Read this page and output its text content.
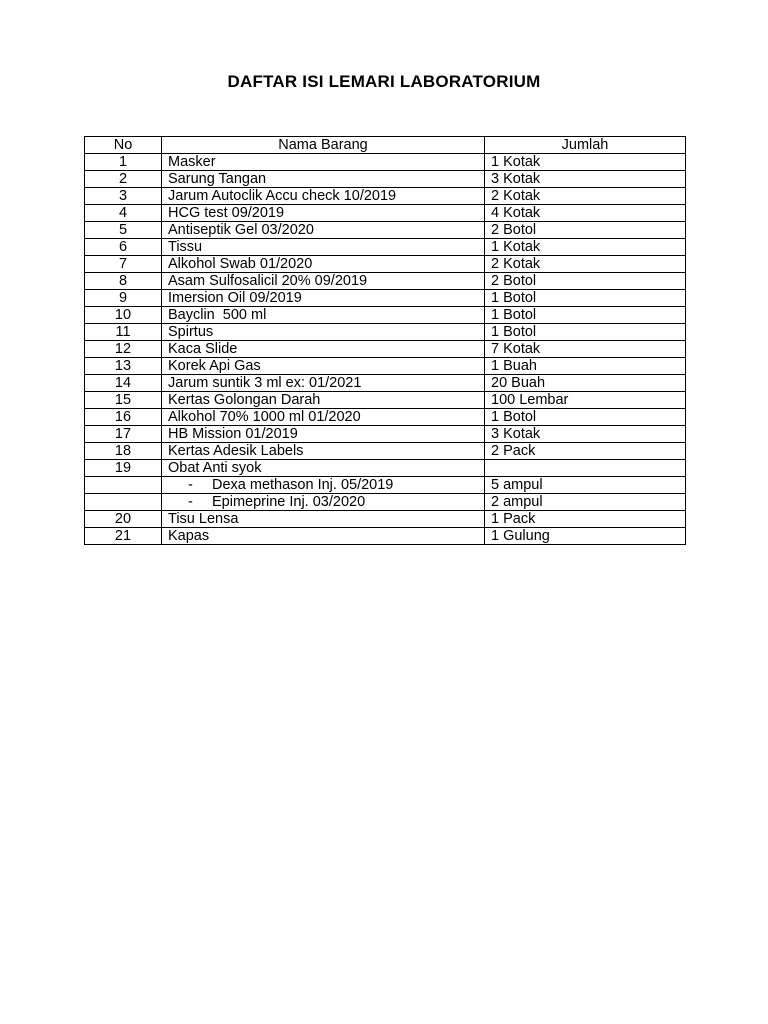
DAFTAR ISI LEMARI LABORATORIUM
No	Nama Barang	Jumlah
1	Masker	1 Kotak
2	Sarung Tangan	3 Kotak
3	Jarum Autoclik Accu check 10/2019	2 Kotak
4	HCG test 09/2019	4 Kotak
5	Antiseptik Gel 03/2020	2 Botol
6	Tissu	1 Kotak
7	Alkohol Swab 01/2020	2 Kotak
8	Asam Sulfosalicil 20% 09/2019	2 Botol
9	Imersion Oil 09/2019	1 Botol
10	Bayclin  500 ml	1 Botol
11	Spirtus	1 Botol
12	Kaca Slide	7 Kotak
13	Korek Api Gas	1 Buah
14	Jarum suntik 3 ml ex: 01/2021	20 Buah
15	Kertas Golongan Darah	100 Lembar
16	Alkohol 70% 1000 ml 01/2020	1 Botol
17	HB Mission 01/2019	3 Kotak
18	Kertas Adesik Labels	2 Pack
19	Obat Anti syok	
	- Dexa methason Inj. 05/2019	5 ampul
	- Epimeprine Inj. 03/2020	2 ampul
20	Tisu Lensa	1 Pack
21	Kapas	1 Gulung
